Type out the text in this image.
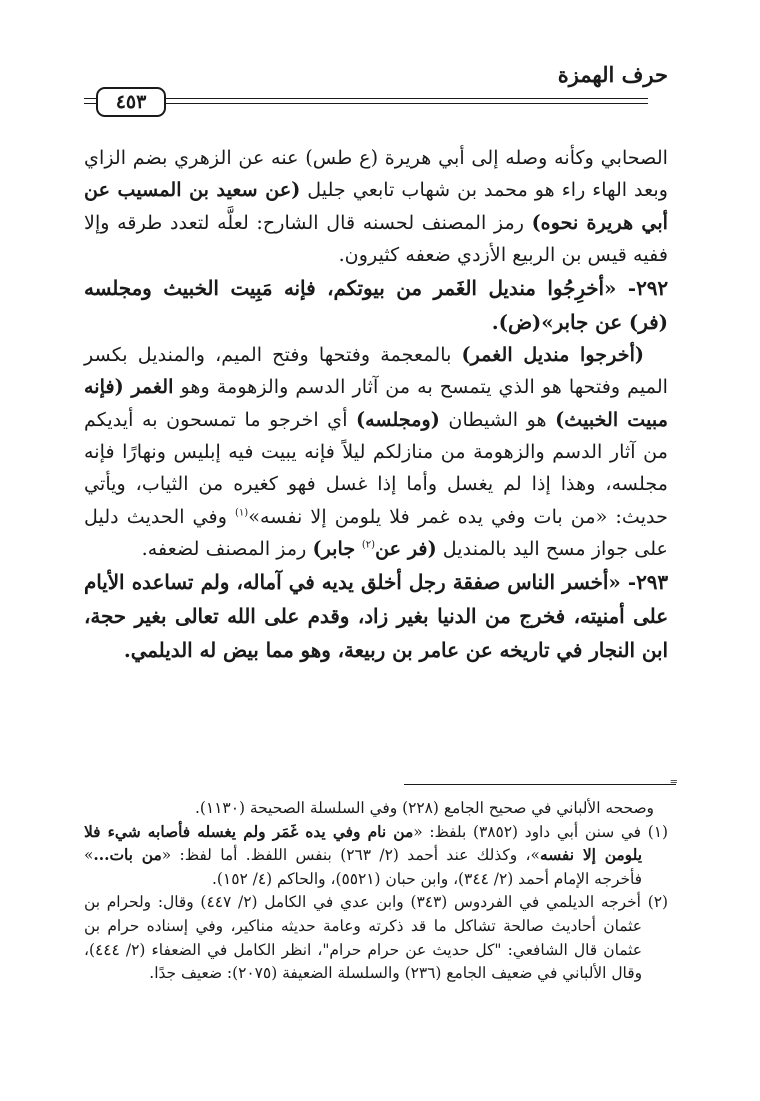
حرف الهمزة
٤٥٣

الصحابي وكأنه وصله إلى أبي هريرة (ع طس) عنه عن الزهري بضم الزاي وبعد الهاء راء هو محمد بن شهاب تابعي جليل (عن سعيد بن المسيب عن أبي هريرة نحوه) رمز المصنف لحسنه قال الشارح: لعلَّه لتعدد طرقه وإلا ففيه قيس بن الربيع الأزدي ضعفه كثيرون.

٢٩٢- «أخرِجُوا منديل الغَمر من بيوتكم، فإنه مَبِيت الخبيث ومجلسه (فر) عن جابر»(ض).

(أخرجوا منديل الغمر) بالمعجمة وفتحها وفتح الميم، والمنديل بكسر الميم وفتحها هو الذي يتمسح به من آثار الدسم والزهومة وهو الغمر (فإنه مبيت الخبيث) هو الشيطان (ومجلسه) أي اخرجو ما تمسحون به أيديكم من آثار الدسم والزهومة من منازلكم ليلاً فإنه يبيت فيه إبليس ونهارًا فإنه مجلسه، وهذا إذا لم يغسل وأما إذا غسل فهو كغيره من الثياب، ويأتي حديث: «من بات وفي يده غمر فلا يلومن إلا نفسه»$^{(١)}$ وفي الحديث دليل على جواز مسح اليد بالمنديل (فر عن$^{(٢)}$ جابر) رمز المصنف لضعفه.

٢٩٣- «أخسر الناس صفقة رجل أخلق يديه في آماله، ولم تساعده الأيام على أمنيته، فخرج من الدنيا بغير زاد، وقدم على الله تعالى بغير حجة، ابن النجار في تاريخه عن عامر بن ربيعة، وهو مما بيض له الديلمي.

=

وصححه الألباني في صحيح الجامع (٢٢٨) وفي السلسلة الصحيحة (١١٣٠).

(١) في سنن أبي داود (٣٨٥٢) بلفظ: «من نام وفي يده غَمَر ولم يغسله فأصابه شيء فلا يلومن إلا نفسه»، وكذلك عند أحمد (٢/ ٢٦٣) بنفس اللفظ. أما لفظ: «من بات...» فأخرجه الإمام أحمد (٢/ ٣٤٤)، وابن حبان (٥٥٢١)، والحاكم (٤/ ١٥٢).

(٢) أخرجه الديلمي في الفردوس (٣٤٣) وابن عدي في الكامل (٢/ ٤٤٧) وقال: ولحرام بن عثمان أحاديث صالحة تشاكل ما قد ذكرته وعامة حديثه مناكير، وفي إسناده حرام بن عثمان قال الشافعي: "كل حديث عن حرام حرام"، انظر الكامل في الضعفاء (٢/ ٤٤٤)، وقال الألباني في ضعيف الجامع (٢٣٦) والسلسلة الضعيفة (٢٠٧٥): ضعيف جدًا.
